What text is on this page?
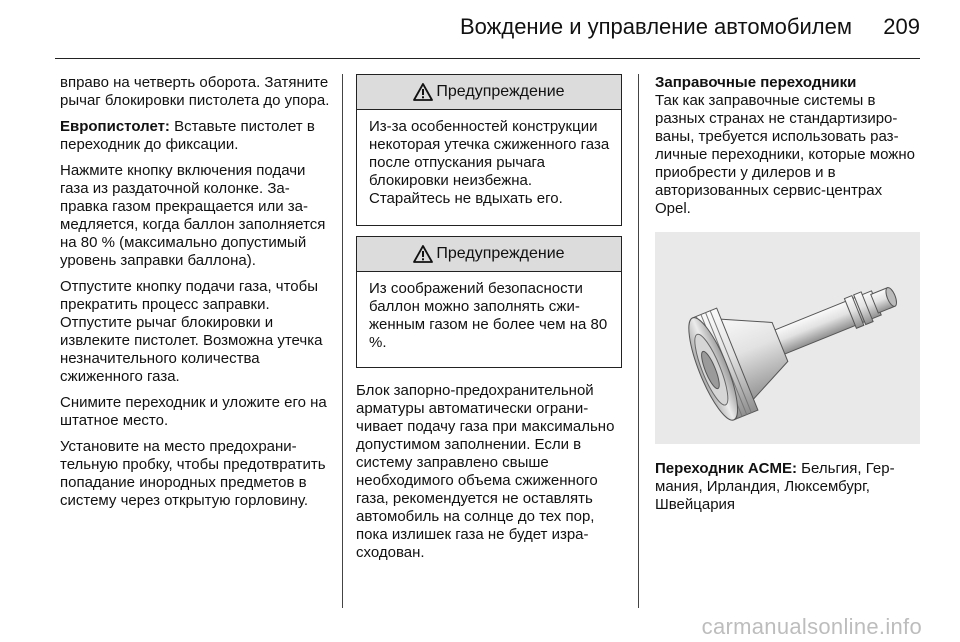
Вождение и управление автомобилем 209

вправо на четверть оборота. Затяните рычаг блокировки пистолета до упора.

Европистолет: Вставьте пистолет в переходник до фиксации.

Нажмите кнопку включения подачи газа из раздаточной колонке. Заправка газом прекращается или замедляется, когда баллон заполняется на 80 % (максимально допустимый уровень заправки баллона).

Отпустите кнопку подачи газа, чтобы прекратить процесс заправки. Отпустите рычаг блокировки и извлеките пистолет. Возможна утечка незначительного количества сжиженного газа.

Снимите переходник и уложите его на штатное место.

Установите на место предохранительную пробку, чтобы предотвратить попадание инородных предметов в систему через открытую горловину.

Предупреждение

Из-за особенностей конструкции некоторая утечка сжиженного газа после отпускания рычага блокировки неизбежна. Старайтесь не вдыхать его.

Предупреждение

Из соображений безопасности баллон можно заполнять сжиженным газом не более чем на 80 %.

Блок запорно-предохранительной арматуры автоматически ограничивает подачу газа при максимально допустимом заполнении. Если в систему заправлено свыше необходимого объема сжиженного газа, рекомендуется не оставлять автомобиль на солнце до тех пор, пока излишек газа не будет израсходован.

Заправочные переходники

Так как заправочные системы в разных странах не стандартизированы, требуется использовать различные переходники, которые можно приобрести у дилеров и в авторизованных сервис-центрах Opel.

Переходник ACME: Бельгия, Германия, Ирландия, Люксембург, Швейцария

carmanualsonline.info
